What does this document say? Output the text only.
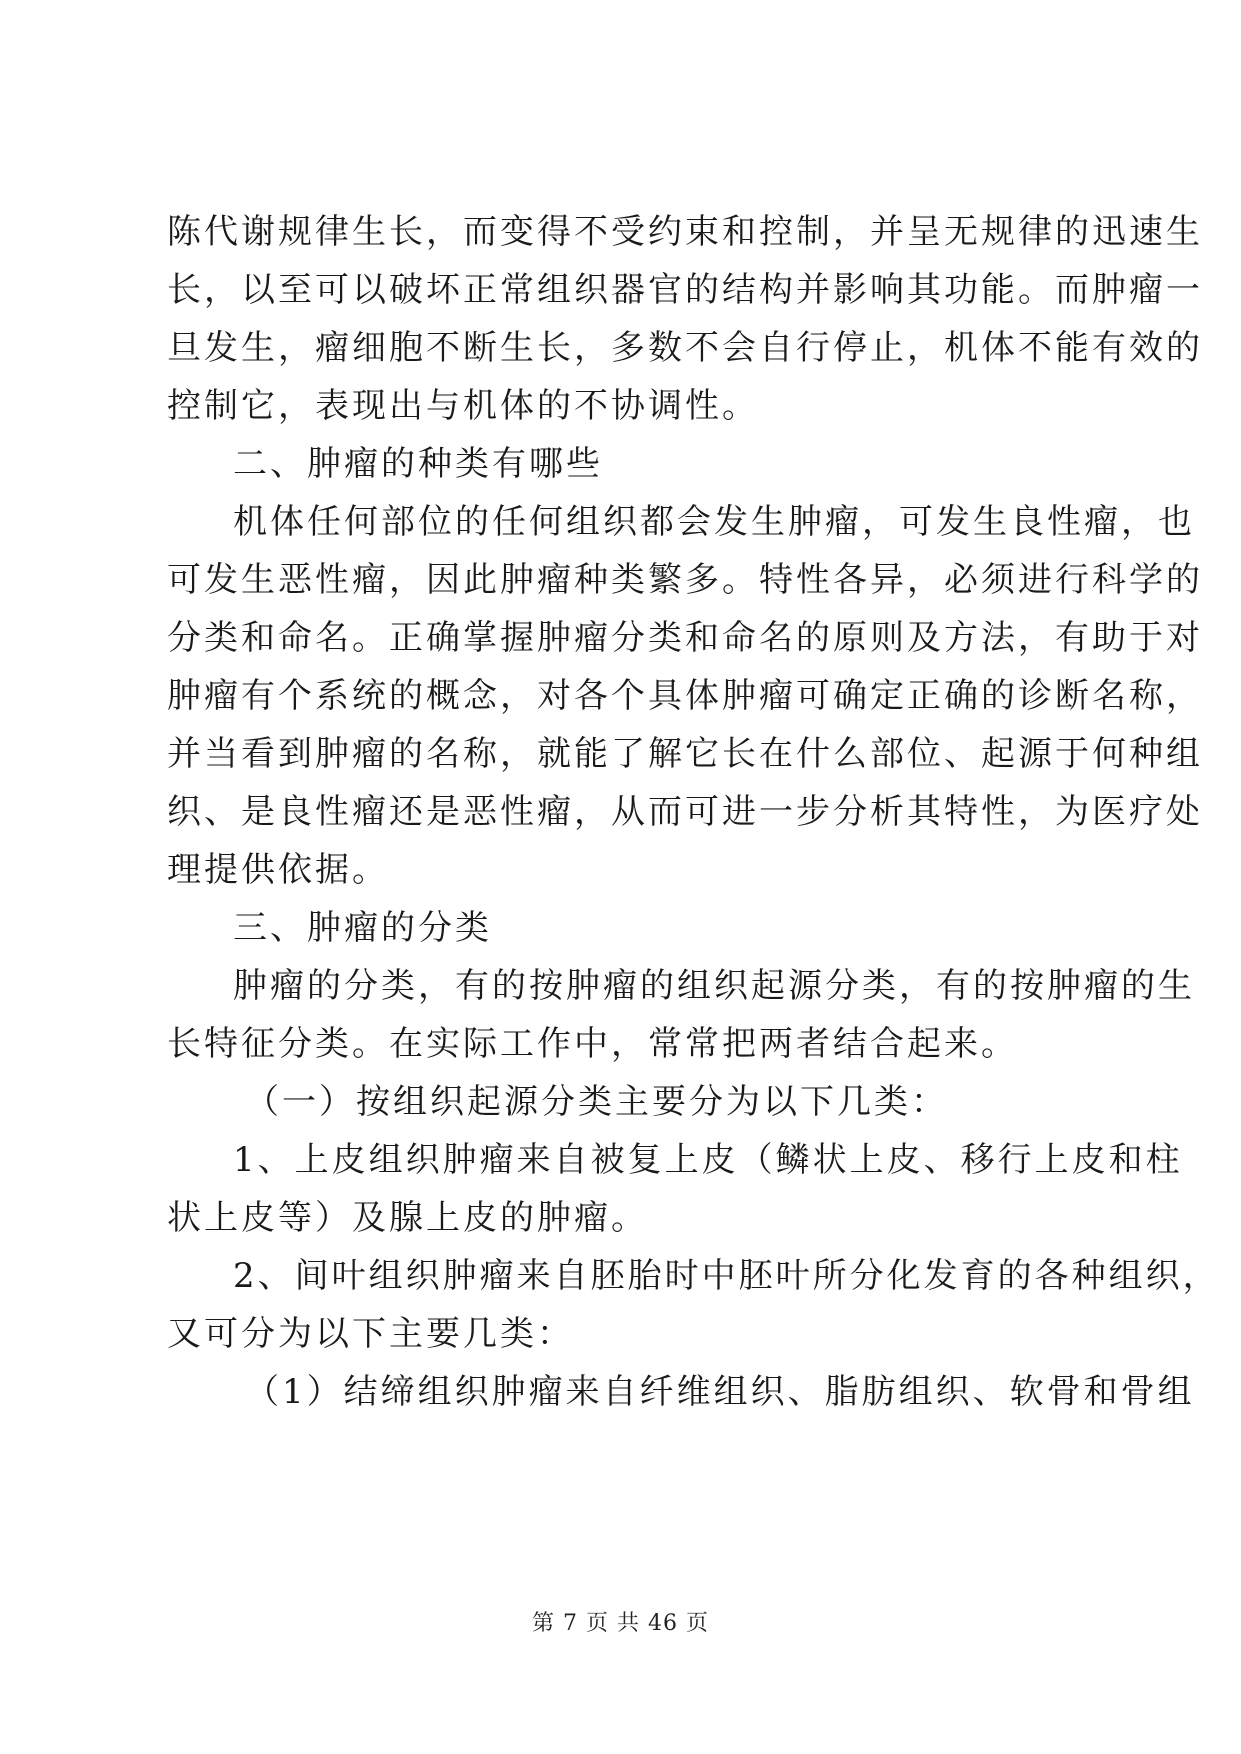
陈代谢规律生长，而变得不受约束和控制，并呈无规律的迅速生
长，以至可以破坏正常组织器官的结构并影响其功能。而肿瘤一
旦发生，瘤细胞不断生长，多数不会自行停止，机体不能有效的
控制它，表现出与机体的不协调性。
二、肿瘤的种类有哪些
机体任何部位的任何组织都会发生肿瘤，可发生良性瘤，也
可发生恶性瘤，因此肿瘤种类繁多。特性各异，必须进行科学的
分类和命名。正确掌握肿瘤分类和命名的原则及方法，有助于对
肿瘤有个系统的概念，对各个具体肿瘤可确定正确的诊断名称，
并当看到肿瘤的名称，就能了解它长在什么部位、起源于何种组
织、是良性瘤还是恶性瘤，从而可进一步分析其特性，为医疗处
理提供依据。
三、肿瘤的分类
肿瘤的分类，有的按肿瘤的组织起源分类，有的按肿瘤的生
长特征分类。在实际工作中，常常把两者结合起来。
（一）按组织起源分类主要分为以下几类：
1、上皮组织肿瘤来自被复上皮（鳞状上皮、移行上皮和柱
状上皮等）及腺上皮的肿瘤。
2、间叶组织肿瘤来自胚胎时中胚叶所分化发育的各种组织，
又可分为以下主要几类：
（1）结缔组织肿瘤来自纤维组织、脂肪组织、软骨和骨组
第 7 页 共 46 页
